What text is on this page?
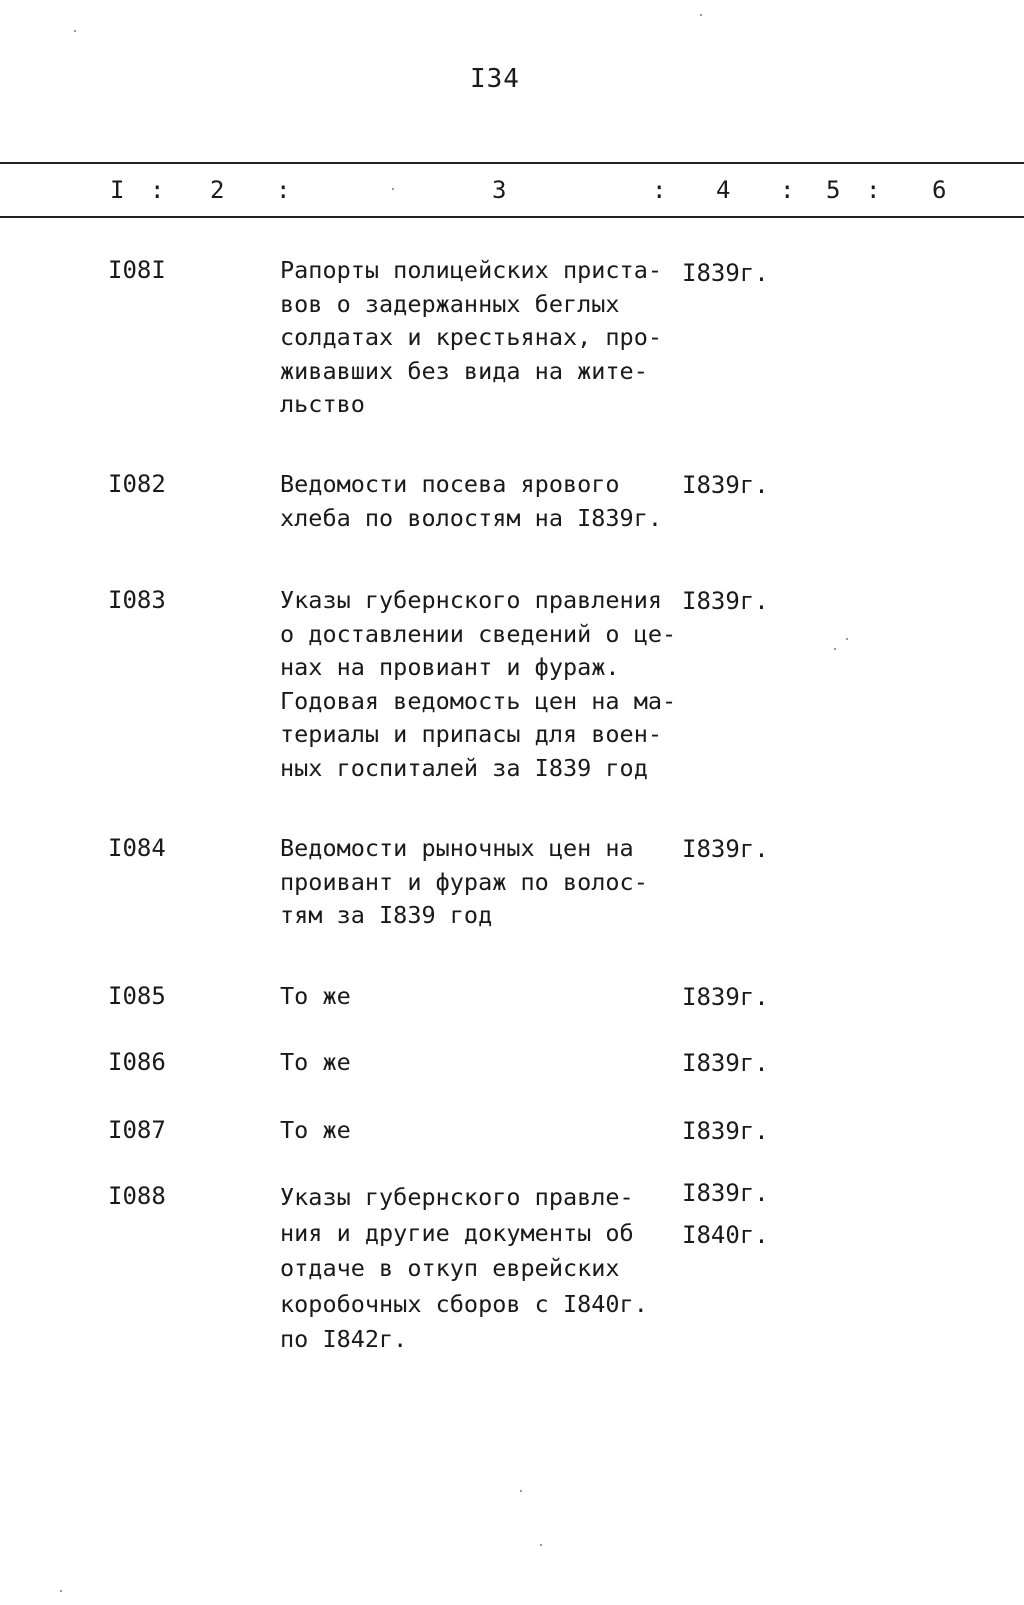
I34
I : 2 :	3	: 4 : 5 : 6
I08I	Рапорты полицейских приста-
вов о задержанных беглых
солдатах и крестьянах, про-
живавших без вида на жите-
льство
I839г.
I082	Ведомости посева ярового
хлеба по волостям на I839г.
I839г.
I083	Указы губернского правления
о доставлении сведений о це-
нах на провиант и фураж.
Годовая ведомость цен на ма-
териалы и припасы для воен-
ных госпиталей за I839 год
I839г.
I084	Ведомости рыночных цен на
проивант и фураж по волос-
тям за I839 год
I839г.
I085	То же	I839г.
I086	То же	I839г.
I087	То же	I839г.
I088	Указы губернского правле-
ния и другие документы об
отдаче в откуп еврейских
коробочных сборов с I840г.
по I842г.
I839г.
I840г.
